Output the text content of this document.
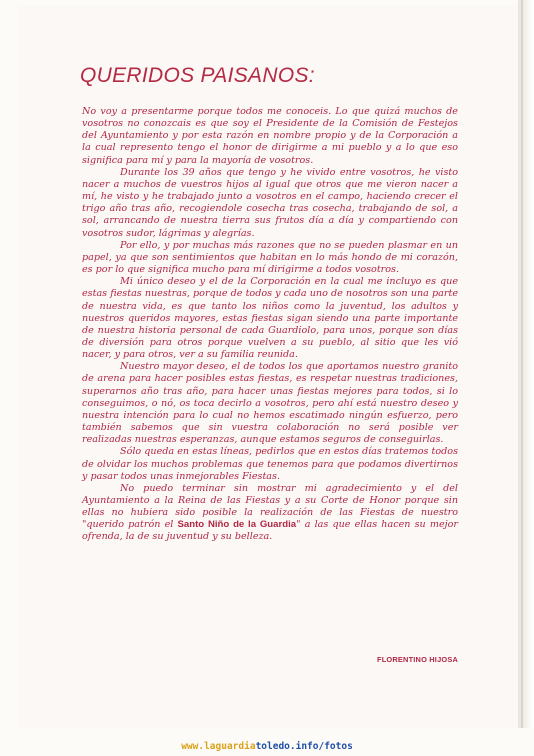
QUERIDOS PAISANOS:

No voy a presentarme porque todos me conoceis. Lo que quizá muchos de vosotros no conozcais es que soy el Presidente de la Comisión de Festejos del Ayuntamiento y por esta razón en nombre propio y de la Corporación a la cual represento tengo el honor de dirigirme a mi pueblo y a lo que eso significa para mí y para la mayoría de vosotros.

Durante los 39 años que tengo y he vivido entre vosotros, he visto nacer a muchos de vuestros hijos al igual que otros que me vieron nacer a mí, he visto y he trabajado junto a vosotros en el campo, haciendo crecer el trigo año tras año, recogiendole cosecha tras cosecha, trabajando de sol, a sol, arrancando de nuestra tierra sus frutos día a día y compartiendo con vosotros sudor, lágrimas y alegrías.

Por ello, y por muchas más razones que no se pueden plasmar en un papel, ya que son sentimientos que habitan en lo más hondo de mi corazón, es por lo que significa mucho para mí dirigirme a todos vosotros.

Mi único deseo y el de la Corporación en la cual me incluyo es que estas fiestas nuestras, porque de todos y cada uno de nosotros son una parte de nuestra vida, es que tanto los niños como la juventud, los adultos y nuestros queridos mayores, estas fiestas sigan siendo una parte importante de nuestra historia personal de cada Guardiolo, para unos, porque son días de diversión para otros porque vuelven a su pueblo, al sitio que les vió nacer, y para otros, ver a su familia reunida.

Nuestro mayor deseo, el de todos los que aportamos nuestro granito de arena para hacer posibles estas fiestas, es respetar nuestras tradiciones, superarnos año tras año, para hacer unas fiestas mejores para todos, si lo conseguimos, o nó, os toca decirlo a vosotros, pero ahí está nuestro deseo y nuestra intención para lo cual no hemos escatimado ningún esfuerzo, pero también sabemos que sin vuestra colaboración no será posible ver realizadas nuestras esperanzas, aunque estamos seguros de conseguirlas.

Sólo queda en estas líneas, pedirlos que en estos días tratemos todos de olvidar los muchos problemas que tenemos para que podamos divertirnos y pasar todos unas inmejorables Fiestas.

No puedo terminar sin mostrar mi agradecimiento y el del Ayuntamiento a la Reina de las Fiestas y a su Corte de Honor porque sin ellas no hubiera sido posible la realización de las Fiestas de nuestro "querido patrón el Santo Niño de la Guardia" a las que ellas hacen su mejor ofrenda, la de su juventud y su belleza.

FLORENTINO HIJOSA
www.laguardiatoledo.info/fotos
